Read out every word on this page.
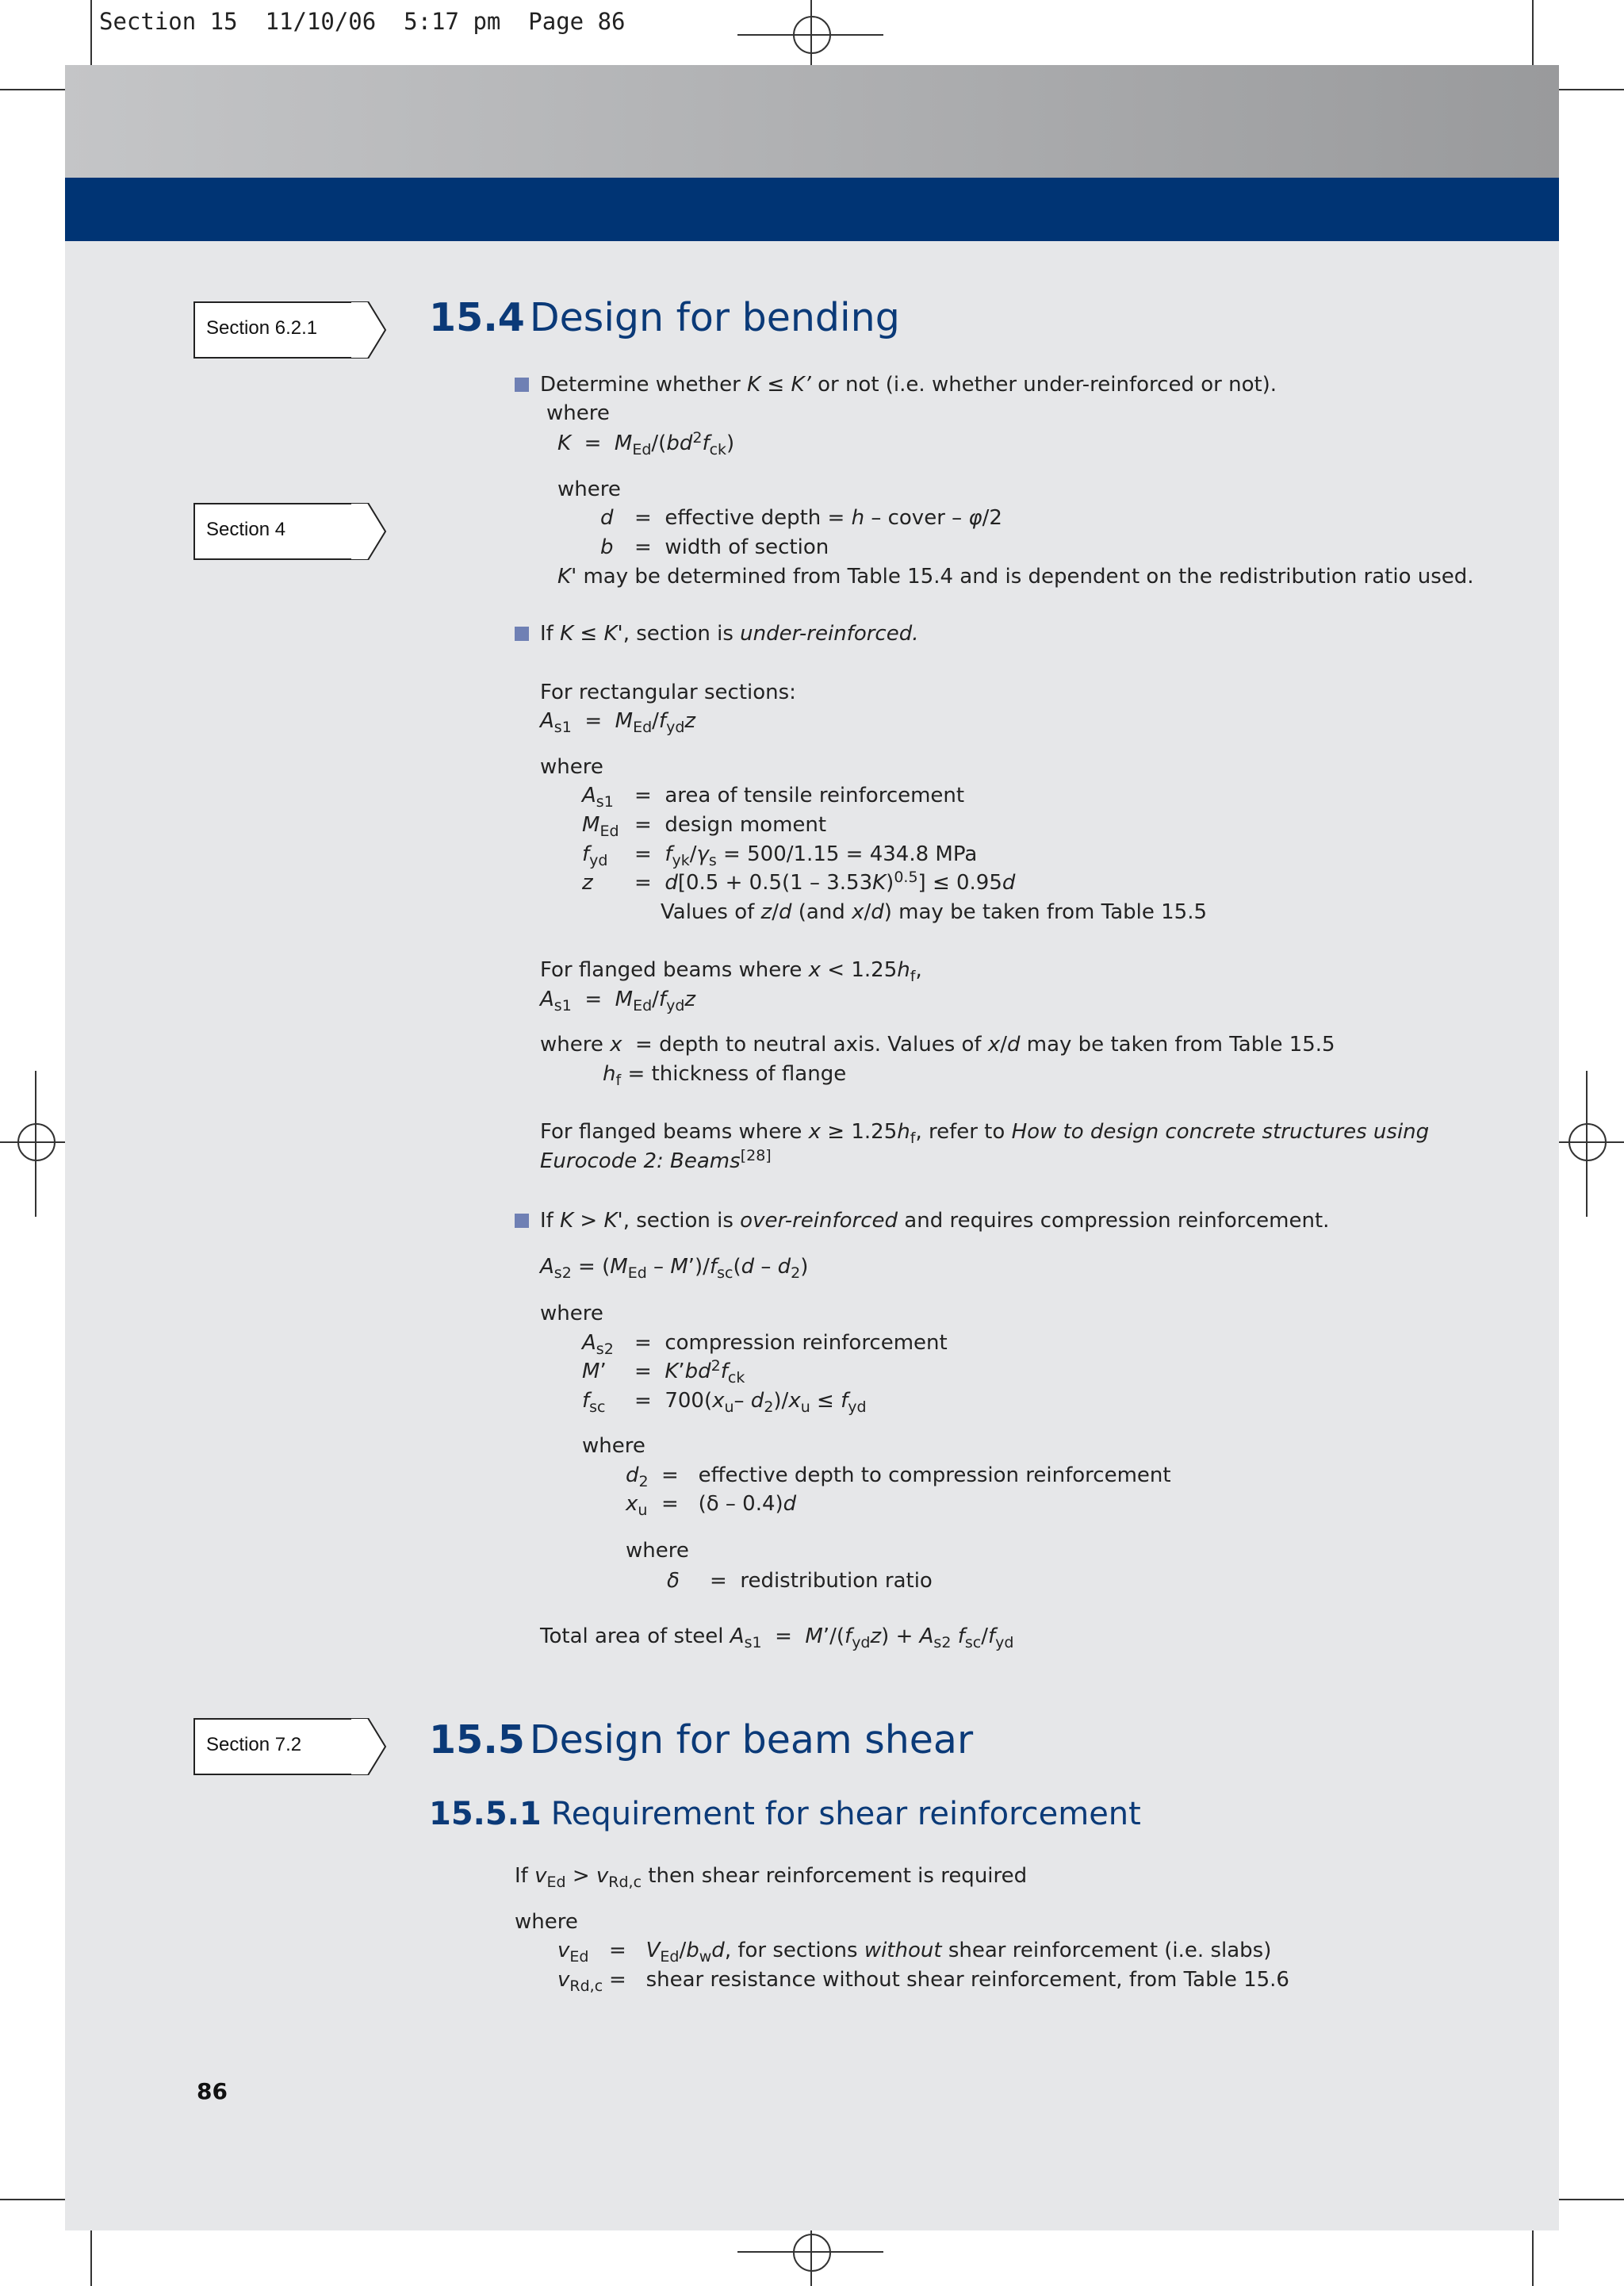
Section 15 11/10/06 5:17 pm Page 86
Section 6.2.1
Section 4
Section 7.2
15.4 Design for bending
Determine whether K ≤ K’ or not (i.e. whether under-reinforced or not).
where
$K = M_{Ed}/(bd^2f_{ck})$
where
d =  effective depth = h – cover – φ/2
b =  width of section
K' may be determined from Table 15.4 and is dependent on the redistribution ratio used.
If K ≤ K', section is under-reinforced.
For rectangular sections:
$A_{s1} = M_{Ed}/f_{yd}z$
where
$A_{s1}$ =  area of tensile reinforcement
$M_{Ed}$ =  design moment
$f_{yd} = f_{yk}/\gamma_s = 500/1.15 = 434.8$ MPa
z =  d[0.5 + 0.5(1 – 3.53K)$^{0.5}$] ≤ 0.95d
Values of z/d (and x/d) may be taken from Table 15.5
For flanged beams where $x < 1.25h_f$,
$A_{s1} = M_{Ed}/f_{yd}z$
where x  = depth to neutral axis. Values of x/d may be taken from Table 15.5
$h_f$ = thickness of flange
For flanged beams where $x \ge 1.25h_f$, refer to How to design concrete structures using
Eurocode 2: Beams[28]
If K > K', section is over-reinforced and requires compression reinforcement.
$A_{s2} = (M_{Ed}$ – $M’)/f_{sc}(d - d_2)$
where
$A_{s2}$ =  compression reinforcement
M’ =  $K’bd^2f_{ck}$
$f_{sc} = 700(x_u-$ $d_2)/x_u \le f_{yd}$
where
$d_2$ =   effective depth to compression reinforcement
$x_u = (\delta - 0.4)d$
where
δ =  redistribution ratio
Total area of steel $A_{s1}$  =  $M’/(f_{yd}z) + A_{s2}$ $f_{sc}/f_{yd}$
15.5 Design for beam shear
15.5.1 Requirement for shear reinforcement
If $v_{Ed} > v_{Rd,c}$ then shear reinforcement is required
where
$v_{Ed} = V_{Ed}/b_wd$, for sections without shear reinforcement (i.e. slabs)
$v_{Rd,c}$ =   shear resistance without shear reinforcement, from Table 15.6
86
